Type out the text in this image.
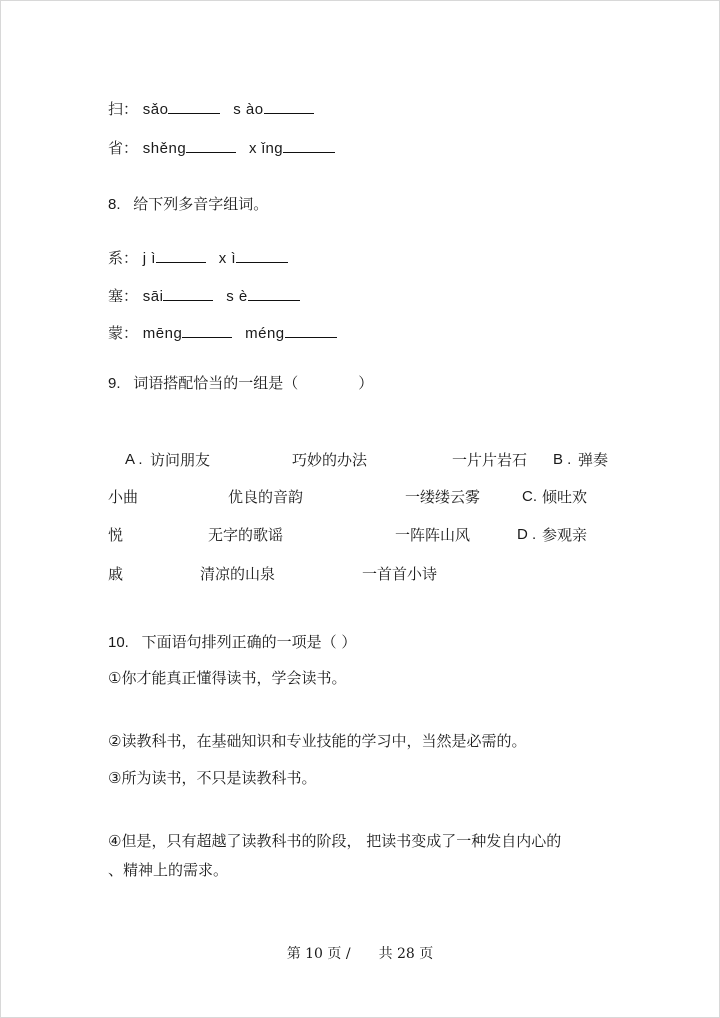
扫： sǎo	s ào
省： shěng	x ǐng
8. 给下列多音字组词。
系： j ì	x ì
塞： sāi	s è
蒙： mēng	méng
9. 词语搭配恰当的一组是（　　　　）
A . 访问朋友	巧妙的办法	一片片岩石 B . 弹奏
小曲	优良的音韵	一缕缕云雾	C. 倾吐欢
悦	无字的歌谣	一阵阵山风	D . 参观亲
戚	清凉的山泉	一首首小诗
10. 下面语句排列正确的一项是（ ）
①你才能真正懂得读书，学会读书。
②读教科书，在基础知识和专业技能的学习中，当然是必需的。
③所为读书，不只是读教科书。
④但是，只有超越了读教科书的阶段， 把读书变成了一种发自内心的
、精神上的需求。
第 10 页 /　　共 28 页
